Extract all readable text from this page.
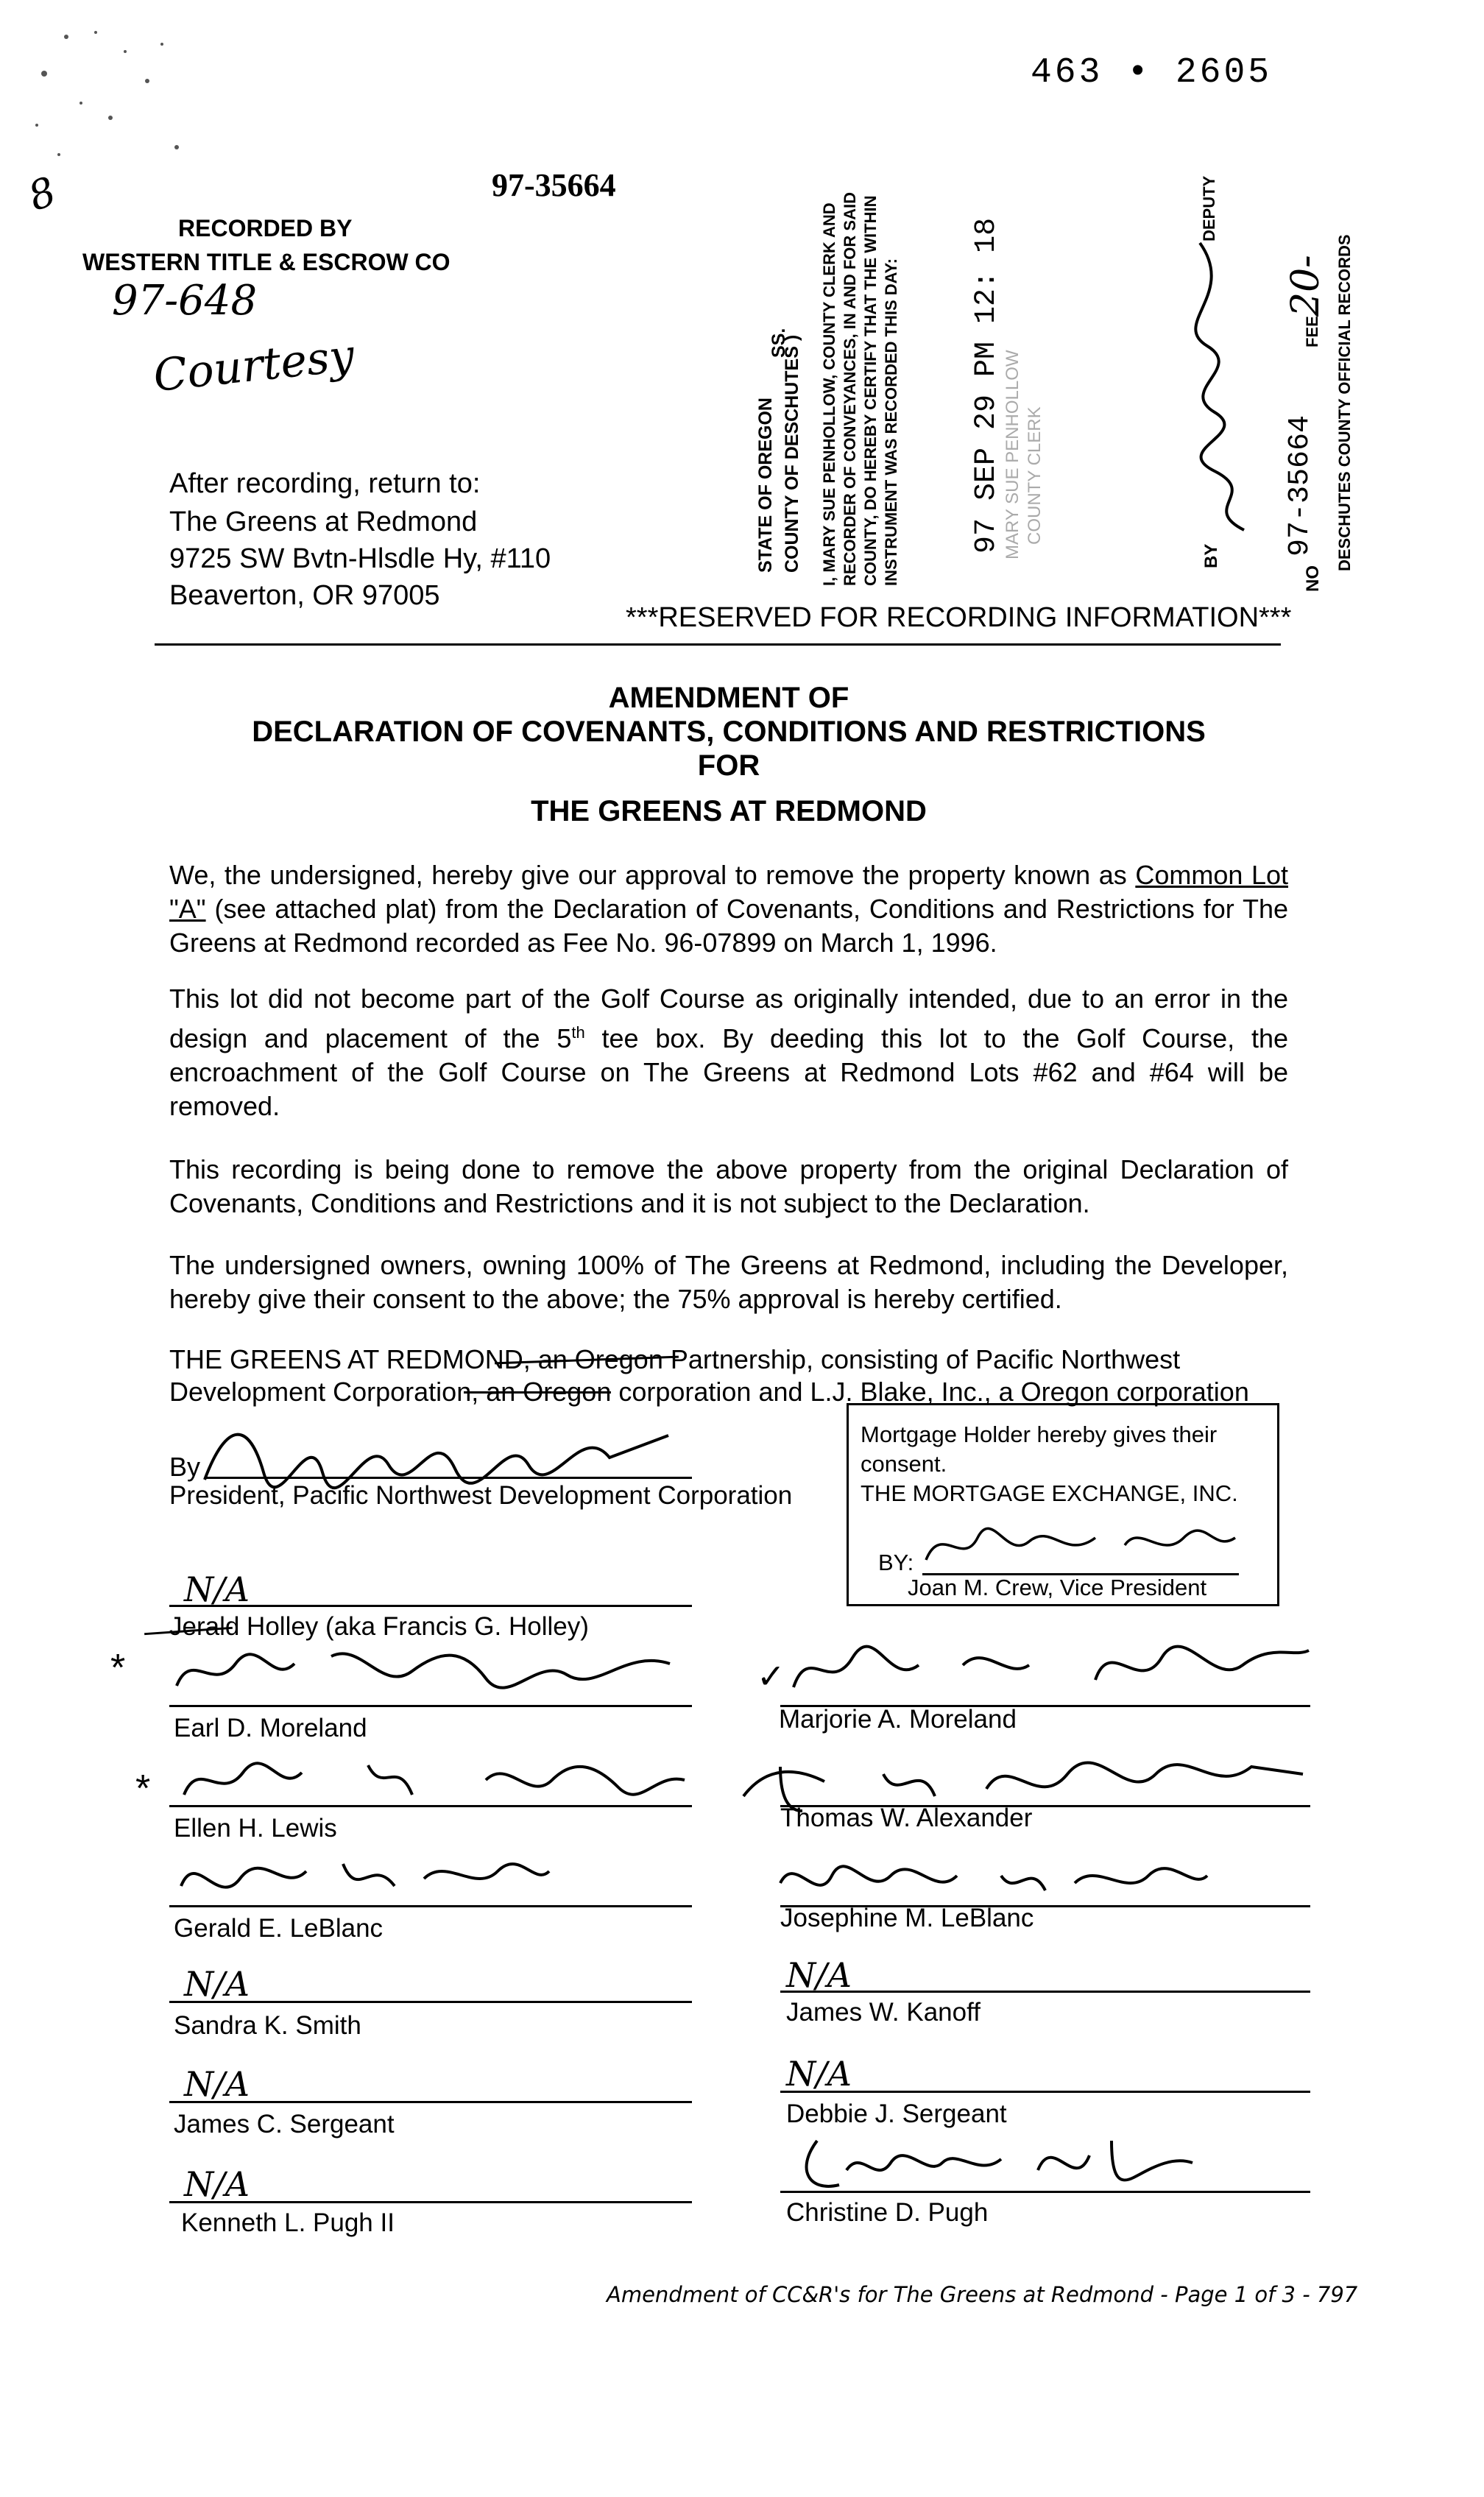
463 • 2605
97-35664
8
RECORDED BY
WESTERN TITLE & ESCROW CO
97-648
Courtesy
After recording, return to:
The Greens at Redmond
9725 SW Bvtn-Hlsdle Hy, #110
Beaverton, OR 97005
STATE OF OREGON COUNTY OF DESCHUTES )
SS. I, MARY SUE PENHOLLOW, COUNTY CLERK AND RECORDER OF CONVEYANCES, IN AND FOR SAID COUNTY, DO HEREBY CERTIFY THAT THE WITHIN INSTRUMENT WAS RECORDED THIS DAY: 97 SEP 29 PM 12: 18 MARY SUE PENHOLLOW COUNTY CLERK
BY
DEPUTY
NO
97-35664
FEE
20- DESCHUTES COUNTY OFFICIAL RECORDS
***RESERVED FOR RECORDING INFORMATION***
AMENDMENT OF
DECLARATION OF COVENANTS, CONDITIONS AND RESTRICTIONS
FOR
THE GREENS AT REDMOND
We, the undersigned, hereby give our approval to remove the property known as Common Lot "A" (see attached plat) from the Declaration of Covenants, Conditions and Restrictions for The Greens at Redmond recorded as Fee No. 96-07899 on March 1, 1996.
This lot did not become part of the Golf Course as originally intended, due to an error in the design and placement of the 5th tee box. By deeding this lot to the Golf Course, the encroachment of the Golf Course on The Greens at Redmond Lots #62 and #64 will be removed.
This recording is being done to remove the above property from the original Declaration of Covenants, Conditions and Restrictions and it is not subject to the Declaration.
The undersigned owners, owning 100% of The Greens at Redmond, including the Developer, hereby give their consent to the above; the 75% approval is hereby certified.
THE GREENS AT REDMOND, an Oregon Partnership, consisting of Pacific Northwest
Development Corporation, an Oregon corporation and L.J. Blake, Inc., a Oregon corporation
By
President, Pacific Northwest Development Corporation
Mortgage Holder hereby gives their
consent.
THE MORTGAGE EXCHANGE, INC.
BY:
Joan M. Crew, Vice President
N/A
Jerald Holley (aka Francis G. Holley)
*
Earl D. Moreland
*
Ellen H. Lewis
Gerald E. LeBlanc
N/A
Sandra K. Smith
N/A
James C. Sergeant
N/A
Kenneth L. Pugh II
✓
Marjorie A. Moreland
Thomas W. Alexander
Josephine M. LeBlanc
N/A
James W. Kanoff
N/A
Debbie J. Sergeant
Christine D. Pugh
Amendment of CC&R's for The Greens at Redmond - Page 1 of 3 - 797
